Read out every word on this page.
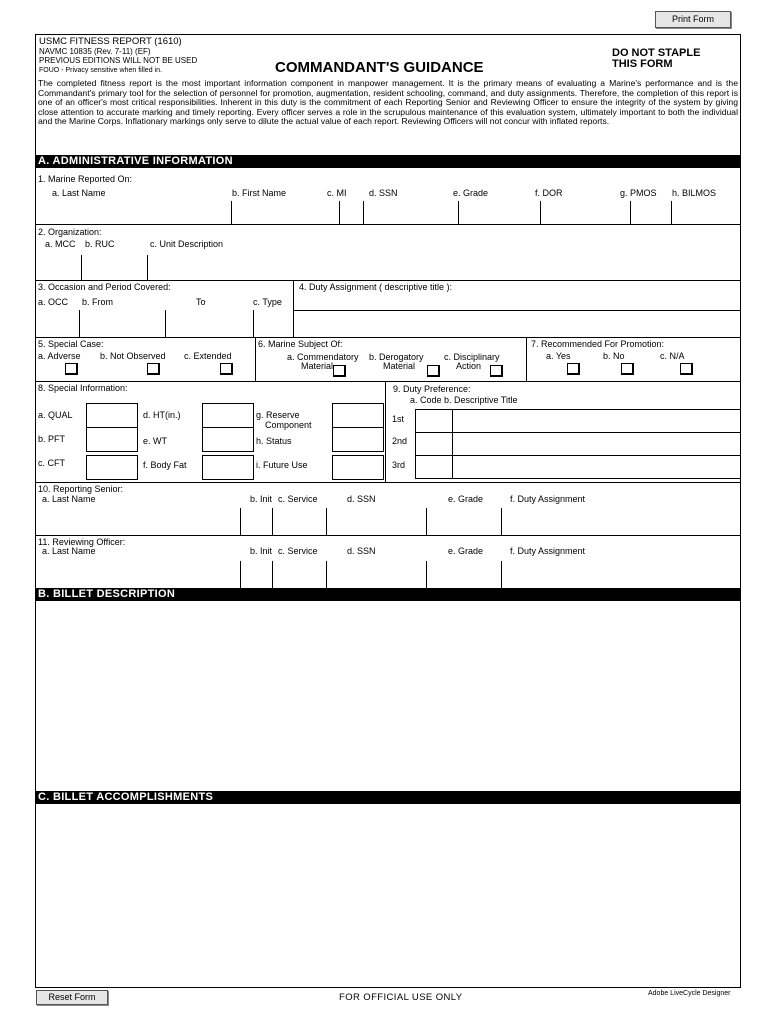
Print Form
USMC FITNESS REPORT (1610)
NAVMC 10835 (Rev. 7-11) (EF)
PREVIOUS EDITIONS WILL NOT BE USED
FOUO - Privacy sensitive when filled in.	COMMANDANT'S GUIDANCE
DO NOT STAPLE
THIS FORM
The completed fitness report is the most important information component in manpower management. It is the primary means of evaluating a Marine's performance and is the Commandant's primary tool for the selection of personnel for promotion, augmentation, resident schooling, command, and duty assignments. Therefore, the completion of this report is one of an officer's most critical responsibilities. Inherent in this duty is the commitment of each Reporting Senior and Reviewing Officer to ensure the integrity of the system by giving close attention to accurate marking and timely reporting. Every officer serves a role in the scrupulous maintenance of this evaluation system, ultimately important to both the individual and the Marine Corps. Inflationary markings only serve to dilute the actual value of each report. Reviewing Officers will not concur with inflated reports.
A. ADMINISTRATIVE INFORMATION
1. Marine Reported On:
a. Last Name	b. First Name	c. MI	d. SSN	e. Grade	f. DOR	g. PMOS h. BILMOS
2. Organization:
a. MCC b. RUC	c. Unit Description
3. Occasion and Period Covered:	4. Duty Assignment ( descriptive title ):
a. OCC b. From	To	c. Type
5. Special Case:
a. Adverse b. Not Observed c. Extended
6. Marine Subject Of:
a. Commendatory
Material
b. Derogatory
Material
c. Disciplinary
Action
7. Recommended For Promotion:
a. Yes	b. No	c. N/A
8. Special Information:
a. QUAL
b. PFT
c. CFT
d. HT(in.)
e. WT
f. Body Fat
g. Reserve
Component
h. Status
i. Future Use
9. Duty Preference:
a. Code b. Descriptive Title
1st
2nd
3rd
10. Reporting Senior:
a. Last Name	b. Init c. Service	d. SSN	e. Grade	f. Duty Assignment
11. Reviewing Officer:
a. Last Name	b. Init c. Service	d. SSN	e. Grade	f. Duty Assignment
B. BILLET DESCRIPTION
C. BILLET ACCOMPLISHMENTS
Reset Form	FOR OFFICIAL USE ONLY	Adobe LiveCycle Designer
